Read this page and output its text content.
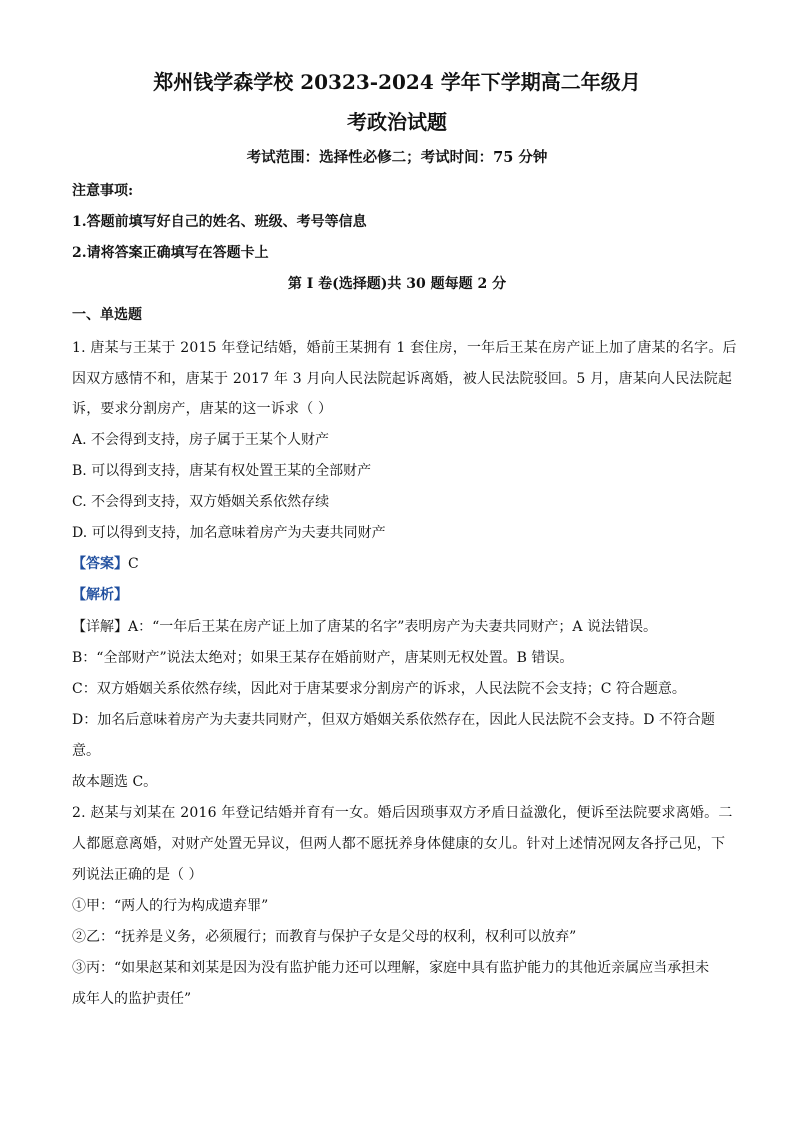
郑州钱学森学校 20323-2024 学年下学期高二年级月
考政治试题
考试范围：选择性必修二；考试时间：75 分钟
注意事项:
1.答题前填写好自己的姓名、班级、考号等信息
2.请将答案正确填写在答题卡上
第 I 卷(选择题)共 30 题每题 2 分
一、单选题
1. 唐某与王某于 2015 年登记结婚，婚前王某拥有 1 套住房，一年后王某在房产证上加了唐某的名字。后
因双方感情不和，唐某于 2017 年 3 月向人民法院起诉离婚，被人民法院驳回。5 月，唐某向人民法院起
诉，要求分割房产，唐某的这一诉求（ ）
A. 不会得到支持，房子属于王某个人财产
B. 可以得到支持，唐某有权处置王某的全部财产
C. 不会得到支持，双方婚姻关系依然存续
D. 可以得到支持，加名意味着房产为夫妻共同财产
【答案】C
【解析】
【详解】A：“一年后王某在房产证上加了唐某的名字”表明房产为夫妻共同财产；A 说法错误。
B：“全部财产”说法太绝对；如果王某存在婚前财产，唐某则无权处置。B 错误。
C：双方婚姻关系依然存续，因此对于唐某要求分割房产的诉求，人民法院不会支持；C 符合题意。
D：加名后意味着房产为夫妻共同财产，但双方婚姻关系依然存在，因此人民法院不会支持。D 不符合题
意。
故本题选 C。
2. 赵某与刘某在 2016 年登记结婚并育有一女。婚后因琐事双方矛盾日益激化，便诉至法院要求离婚。二
人都愿意离婚，对财产处置无异议，但两人都不愿抚养身体健康的女儿。针对上述情况网友各抒己见，下
列说法正确的是（ ）
①甲：“两人的行为构成遗弃罪”
②乙：“抚养是义务，必须履行；而教育与保护子女是父母的权利，权利可以放弃”
③丙：“如果赵某和刘某是因为没有监护能力还可以理解，家庭中具有监护能力的其他近亲属应当承担未
成年人的监护责任”
